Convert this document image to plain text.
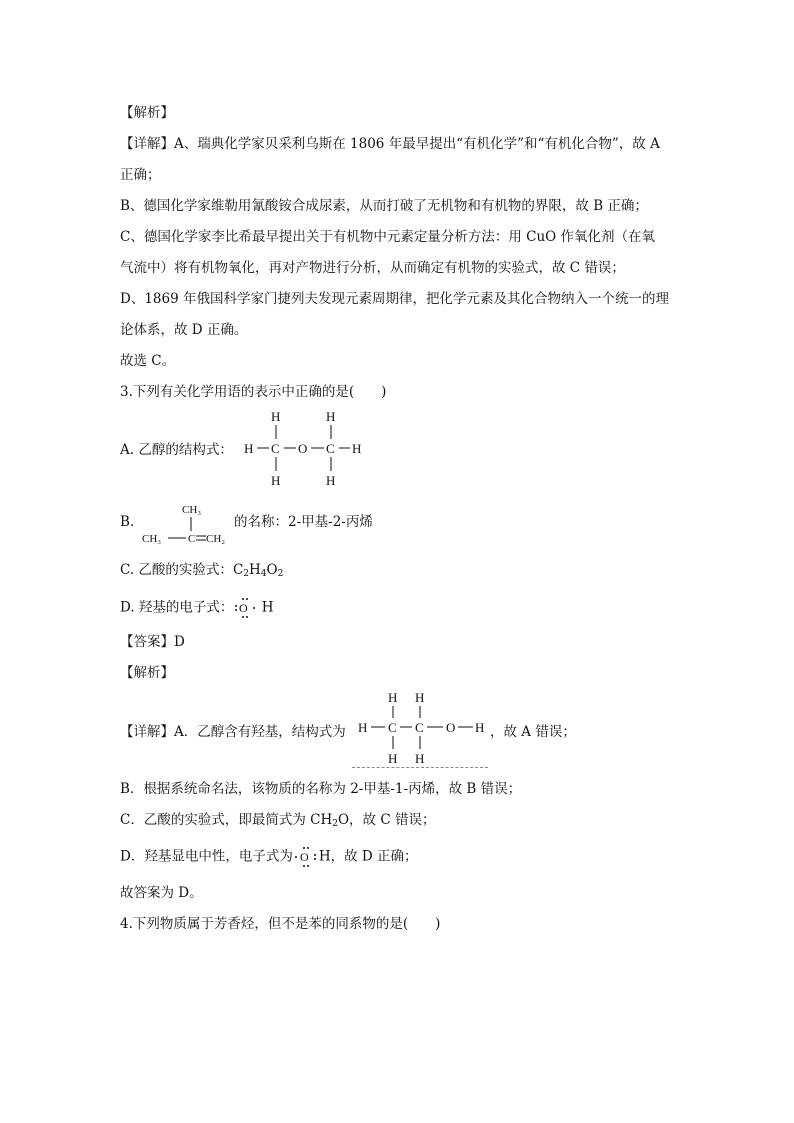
【解析】
【详解】A、瑞典化学家贝采利乌斯在 1806 年最早提出“有机化学”和“有机化合物”，故 A
正确；
B、德国化学家维勒用氰酸铵合成尿素，从而打破了无机物和有机物的界限，故 B 正确；
C、德国化学家李比希最早提出关于有机物中元素定量分析方法：用 CuO 作氧化剂（在氧
气流中）将有机物氧化，再对产物进行分析，从而确定有机物的实验式，故 C 错误；
D、1869 年俄国科学家门捷列夫发现元素周期律，把化学元素及其化合物纳入一个统一的理
论体系，故 D 正确。
故选 C。
3.下列有关化学用语的表示中正确的是(　　)
A. 乙醇的结构式：
H	H
H C O C H
H	H
B.
CH₃
CH₃ C CH₂
的名称：2-甲基-2-丙烯
C. 乙酸的实验式：$C_2H_4O_2$
D. 羟基的电子式： O H
【答案】D
【解析】
【详解】A．乙醇含有羟基，结构式为
H H
H C C O H
H H
，故 A 错误；
B．根据系统命名法，该物质的名称为 2-甲基-1-丙烯，故 B 错误；
C．乙酸的实验式，即最简式为 $CH_2O$，故 C 错误；
D．羟基显电中性，电子式为 O H，故 D 正确；
故答案为 D。
4.下列物质属于芳香烃，但不是苯的同系物的是(　　)
